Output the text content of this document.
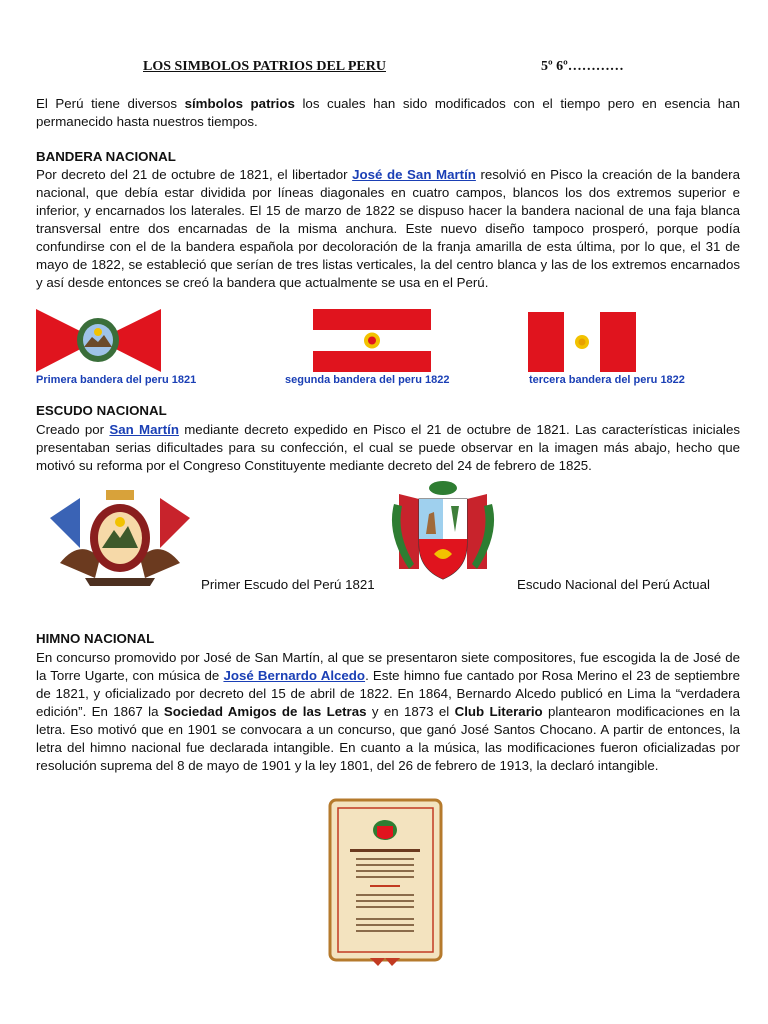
LOS SIMBOLOS PATRIOS DEL PERU	5º 6º…………
El Perú tiene diversos símbolos patrios los cuales han sido modificados con el tiempo pero en esencia han permanecido hasta nuestros tiempos.
BANDERA NACIONAL
Por decreto del 21 de octubre de 1821, el libertador José de San Martín resolvió en Pisco la creación de la bandera nacional, que debía estar dividida por líneas diagonales en cuatro campos, blancos los dos extremos superior e inferior, y encarnados los laterales. El 15 de marzo de 1822 se dispuso hacer la bandera nacional de una faja blanca transversal entre dos encarnadas de la misma anchura. Este nuevo diseño tampoco prosperó, porque podía confundirse con el de la bandera española por decoloración de la franja amarilla de esta última, por lo que, el 31 de mayo de 1822, se estableció que serían de tres listas verticales, la del centro blanca y las de los extremos encarnados y así desde entonces se creó la bandera que actualmente se usa en el Perú.
Primera bandera del peru 1821	segunda bandera del peru 1822	tercera bandera del peru 1822
ESCUDO NACIONAL
Creado por San Martín mediante decreto expedido en Pisco el 21 de octubre de 1821. Las características iniciales presentaban serias dificultades para su confección, el cual se puede observar en la imagen más abajo, hecho que motivó su reforma por el Congreso Constituyente mediante decreto del 24 de febrero de 1825.
Primer Escudo del Perú 1821	Escudo Nacional del Perú Actual
HIMNO NACIONAL
En concurso promovido por José de San Martín, al que se presentaron siete compositores, fue escogida la de José de la Torre Ugarte, con música de José Bernardo Alcedo. Este himno fue cantado por Rosa Merino el 23 de septiembre de 1821, y oficializado por decreto del 15 de abril de 1822. En 1864, Bernardo Alcedo publicó en Lima la “verdadera edición”. En 1867 la Sociedad Amigos de las Letras y en 1873 el Club Literario plantearon modificaciones en la letra. Eso motivó que en 1901 se convocara a un concurso, que ganó José Santos Chocano. A partir de entonces, la letra del himno nacional fue declarada intangible. En cuanto a la música, las modificaciones fueron oficializadas por resolución suprema del 8 de mayo de 1901 y la ley 1801, del 26 de febrero de 1913, la declaró intangible.
